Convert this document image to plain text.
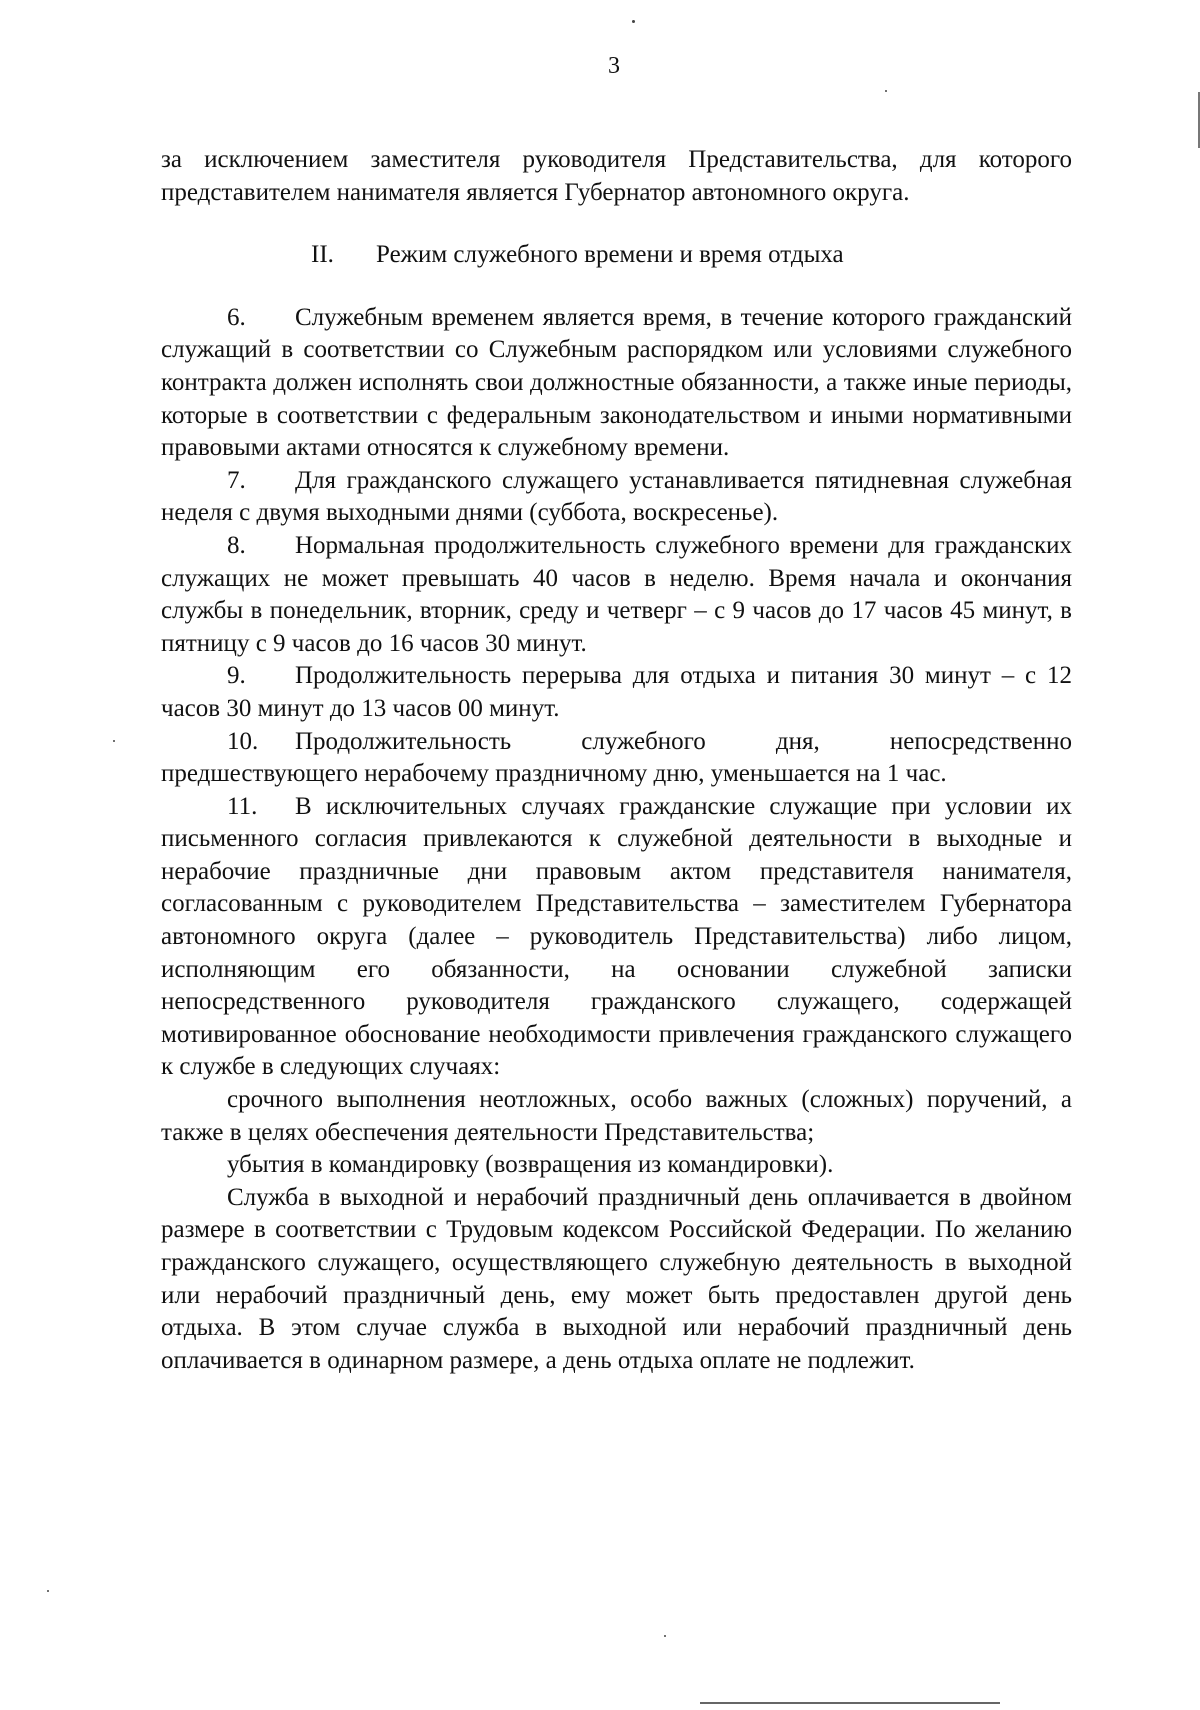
3

за исключением заместителя руководителя Представительства, для которого представителем нанимателя является Губернатор автономного округа.

II. Режим служебного времени и время отдыха

6. Служебным временем является время, в течение которого гражданский служащий в соответствии со Служебным распорядком или условиями служебного контракта должен исполнять свои должностные обязанности, а также иные периоды, которые в соответствии с федеральным законодательством и иными нормативными правовыми актами относятся к служебному времени.

7. Для гражданского служащего устанавливается пятидневная служебная неделя с двумя выходными днями (суббота, воскресенье).

8. Нормальная продолжительность служебного времени для гражданских служащих не может превышать 40 часов в неделю. Время начала и окончания службы в понедельник, вторник, среду и четверг – с 9 часов до 17 часов 45 минут, в пятницу с 9 часов до 16 часов 30 минут.

9. Продолжительность перерыва для отдыха и питания 30 минут – с 12 часов 30 минут до 13 часов 00 минут.

10. Продолжительность служебного дня, непосредственно предшествующего нерабочему праздничному дню, уменьшается на 1 час.

11. В исключительных случаях гражданские служащие при условии их письменного согласия привлекаются к служебной деятельности в выходные и нерабочие праздничные дни правовым актом представителя нанимателя, согласованным с руководителем Представительства – заместителем Губернатора автономного округа (далее – руководитель Представительства) либо лицом, исполняющим его обязанности, на основании служебной записки непосредственного руководителя гражданского служащего, содержащей мотивированное обоснование необходимости привлечения гражданского служащего к службе в следующих случаях:

срочного выполнения неотложных, особо важных (сложных) поручений, а также в целях обеспечения деятельности Представительства;

убытия в командировку (возвращения из командировки).

Служба в выходной и нерабочий праздничный день оплачивается в двойном размере в соответствии с Трудовым кодексом Российской Федерации. По желанию гражданского служащего, осуществляющего служебную деятельность в выходной или нерабочий праздничный день, ему может быть предоставлен другой день отдыха. В этом случае служба в выходной или нерабочий праздничный день оплачивается в одинарном размере, а день отдыха оплате не подлежит.
